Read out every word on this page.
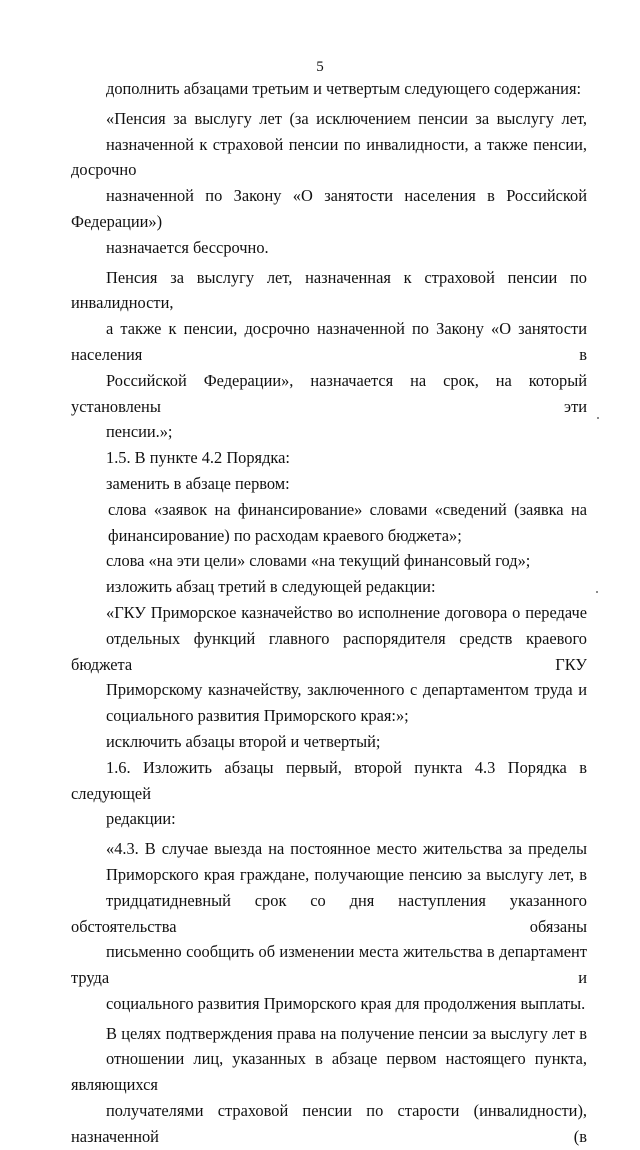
5

дополнить абзацами третьим и четвертым следующего содержания:

«Пенсия за выслугу лет (за исключением пенсии за выслугу лет,
назначенной к страховой пенсии по инвалидности, а также пенсии, досрочно
назначенной по Закону «О занятости населения в Российской Федерации»)
назначается бессрочно.

Пенсия за выслугу лет, назначенная к страховой пенсии по инвалидности,
а также к пенсии, досрочно назначенной по Закону «О занятости населения в
Российской Федерации», назначается на срок, на который установлены эти
пенсии.»;

1.5. В пункте 4.2 Порядка:

заменить в абзаце первом:

слова «заявок на финансирование» словами «сведений (заявка на
финансирование) по расходам краевого бюджета»;

слова «на эти цели» словами «на текущий финансовый год»;

изложить абзац третий в следующей редакции:

«ГКУ Приморское казначейство во исполнение договора о передаче
отдельных функций главного распорядителя средств краевого бюджета ГКУ
Приморскому казначейству, заключенного с департаментом труда и
социального развития Приморского края:»;

исключить абзацы второй и четвертый;

1.6. Изложить абзацы первый, второй пункта 4.3 Порядка в следующей
редакции:

«4.3. В случае выезда на постоянное место жительства за пределы
Приморского края граждане, получающие пенсию за выслугу лет, в
тридцатидневный срок со дня наступления указанного обстоятельства обязаны
письменно сообщить об изменении места жительства в департамент труда и
социального развития Приморского края для продолжения выплаты.

В целях подтверждения права на получение пенсии за выслугу лет в
отношении лиц, указанных в абзаце первом настоящего пункта, являющихся
получателями страховой пенсии по старости (инвалидности), назначенной (в
